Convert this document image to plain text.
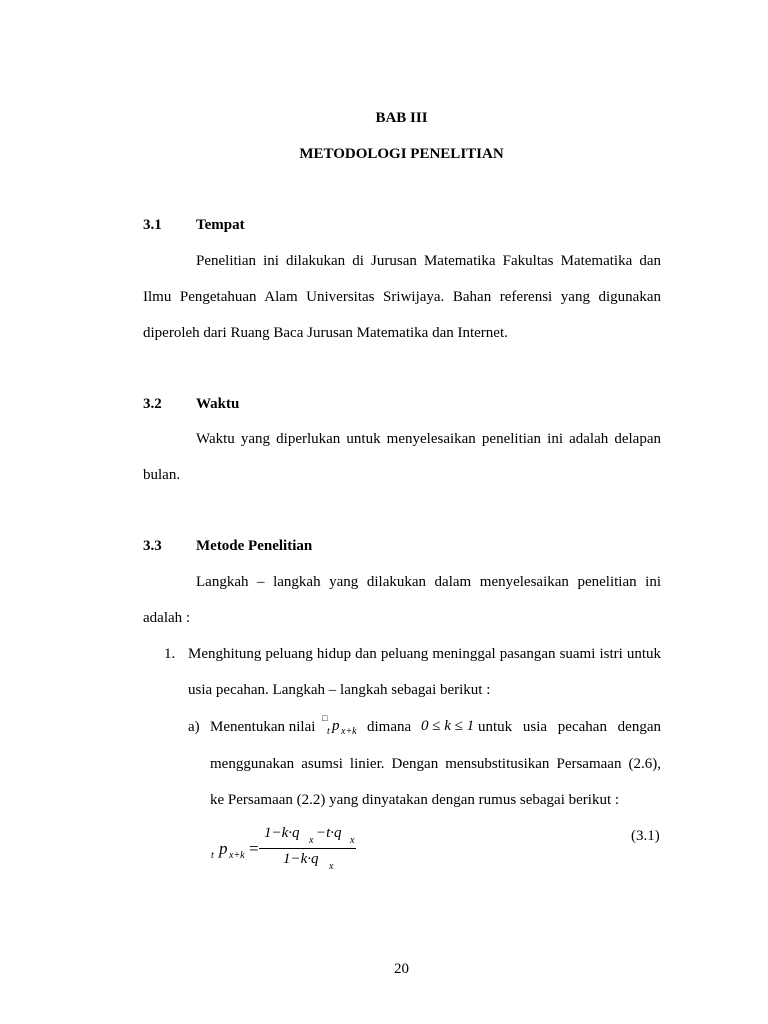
BAB III
METODOLOGI PENELITIAN
3.1 Tempat
Penelitian ini dilakukan di Jurusan Matematika Fakultas Matematika dan
Ilmu Pengetahuan Alam Universitas Sriwijaya. Bahan referensi yang digunakan
diperoleh dari Ruang Baca Jurusan Matematika dan Internet.
3.2 Waktu
Waktu yang diperlukan untuk menyelesaikan penelitian ini adalah delapan
bulan.
3.3 Metode Penelitian
Langkah – langkah yang dilakukan dalam menyelesaikan penelitian ini
adalah :
1. Menghitung peluang hidup dan peluang meninggal pasangan suami istri untuk
usia pecahan. Langkah – langkah sebagai berikut :
a) Menentukan nilai
□
t p x+k dimana 0 ≤ k ≤ 1 untuk usia pecahan dengan
menggunakan asumsi linier. Dengan mensubstitusikan Persamaan (2.6),
ke Persamaan (2.2) yang dinyatakan dengan rumus sebagai berikut :
t p x+k =
1−k·q x −t·q x
1−k·q x
(3.1)
20
